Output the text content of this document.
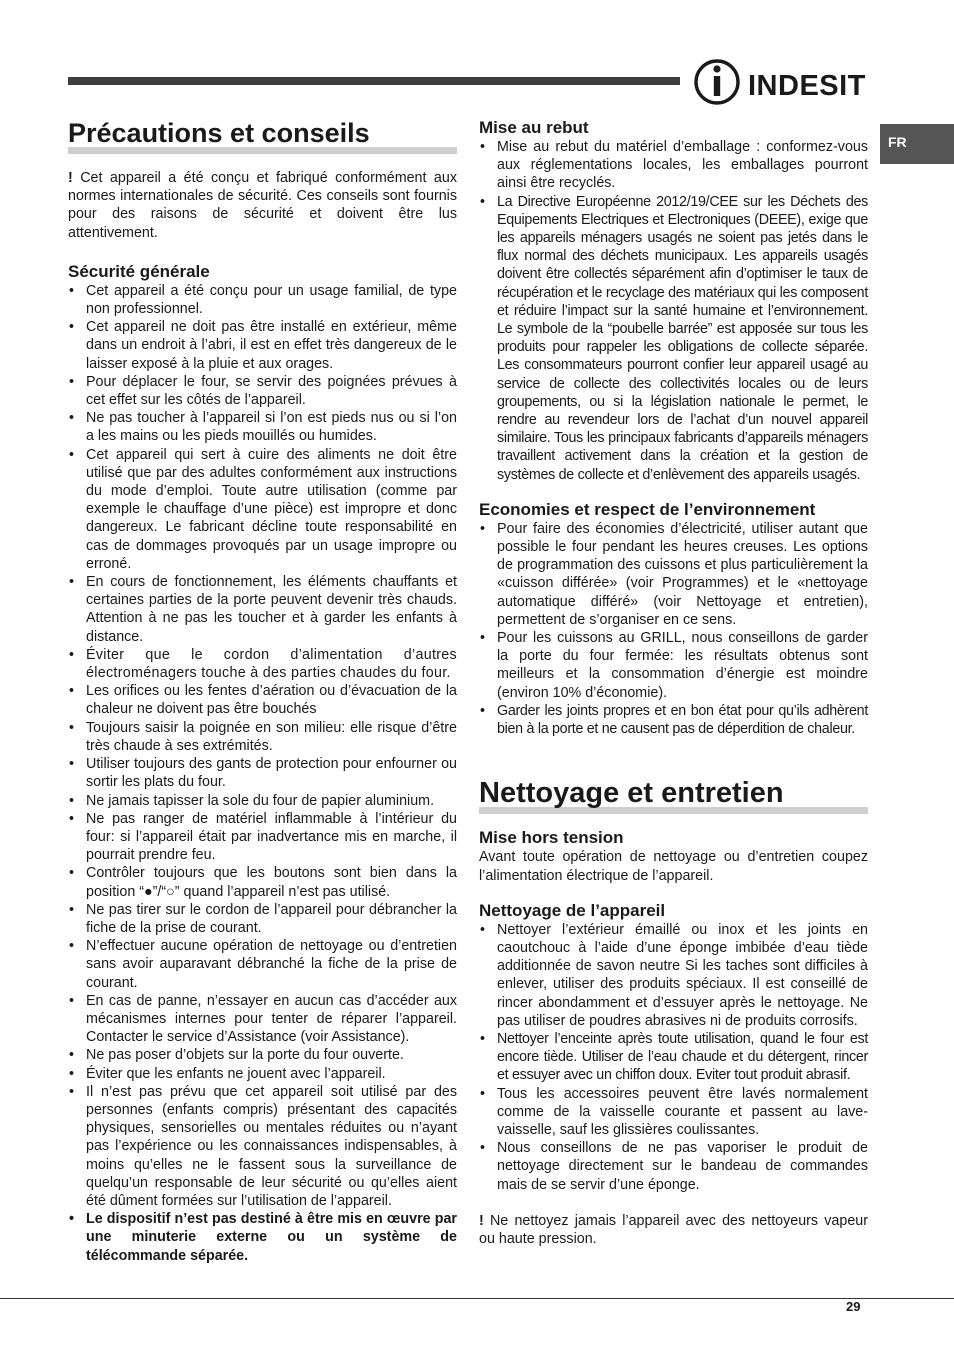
INDESIT
FR
Précautions et conseils

! Cet appareil a été conçu et fabriqué conformément aux normes internationales de sécurité. Ces conseils sont fournis pour des raisons de sécurité et doivent être lus attentivement.

Sécurité générale
• Cet appareil a été conçu pour un usage familial, de type non professionnel.
• Cet appareil ne doit pas être installé en extérieur, même dans un endroit à l’abri, il est en effet très dangereux de le laisser exposé à la pluie et aux orages.
• Pour déplacer le four, se servir des poignées prévues à cet effet sur les côtés de l’appareil.
• Ne pas toucher à l’appareil si l’on est pieds nus ou si l’on a les mains ou les pieds mouillés ou humides.
• Cet appareil qui sert à cuire des aliments ne doit être utilisé que par des adultes conformément aux instructions du mode d’emploi. Toute autre utilisation (comme par exemple le chauffage d’une pièce) est impropre et donc dangereux. Le fabricant décline toute responsabilité en cas de dommages provoqués par un usage impropre ou erroné.
• En cours de fonctionnement, les éléments chauffants et certaines parties de la porte peuvent devenir très chauds. Attention à ne pas les toucher et à garder les enfants à distance.
• Éviter que le cordon d’alimentation d’autres électroménagers touche à des parties chaudes du four.
• Les orifices ou les fentes d’aération ou d’évacuation de la chaleur ne doivent pas être bouchés
• Toujours saisir la poignée en son milieu: elle risque d’être très chaude à ses extrémités.
• Utiliser toujours des gants de protection pour enfourner ou sortir les plats du four.
• Ne jamais tapisser la sole du four de papier aluminium.
• Ne pas ranger de matériel inflammable à l’intérieur du four: si l’appareil était par inadvertance mis en marche, il pourrait prendre feu.
• Contrôler toujours que les boutons sont bien dans la position “●”/“○” quand l’appareil n’est pas utilisé.
• Ne pas tirer sur le cordon de l’appareil pour débrancher la fiche de la prise de courant.
• N’effectuer aucune opération de nettoyage ou d’entretien sans avoir auparavant débranché la fiche de la prise de courant.
• En cas de panne, n’essayer en aucun cas d’accéder aux mécanismes internes pour tenter de réparer l’appareil. Contacter le service d’Assistance (voir Assistance).
• Ne pas poser d’objets sur la porte du four ouverte.
• Éviter que les enfants ne jouent avec l’appareil.
• Il n’est pas prévu que cet appareil soit utilisé par des personnes (enfants compris) présentant des capacités physiques, sensorielles ou mentales réduites ou n’ayant pas l’expérience ou les connaissances indispensables, à moins qu’elles ne le fassent sous la surveillance de quelqu’un responsable de leur sécurité ou qu’elles aient été dûment formées sur l’utilisation de l’appareil.
• Le dispositif n’est pas destiné à être mis en œuvre par une minuterie externe ou un système de télécommande séparée.
Mise au rebut
• Mise au rebut du matériel d’emballage : conformez-vous aux réglementations locales, les emballages pourront ainsi être recyclés.
• La Directive Européenne 2012/19/CEE sur les Déchets des Equipements Electriques et Electroniques (DEEE), exige que les appareils ménagers usagés ne soient pas jetés dans le flux normal des déchets municipaux. Les appareils usagés doivent être collectés séparément afin d’optimiser le taux de récupération et le recyclage des matériaux qui les composent et réduire l’impact sur la santé humaine et l’environnement. Le symbole de la “poubelle barrée” est apposée sur tous les produits pour rappeler les obligations de collecte séparée. Les consommateurs pourront confier leur appareil usagé au service de collecte des collectivités locales ou de leurs groupements, ou si la législation nationale le permet, le rendre au revendeur lors de l’achat d’un nouvel appareil similaire. Tous les principaux fabricants d’appareils ménagers travaillent activement dans la création et la gestion de systèmes de collecte et d’enlèvement des appareils usagés.
Economies et respect de l’environnement
• Pour faire des économies d’électricité, utiliser autant que possible le four pendant les heures creuses. Les options de programmation des cuissons et plus particulièrement la «cuisson différée» (voir Programmes) et le «nettoyage automatique différé» (voir Nettoyage et entretien), permettent de s’organiser en ce sens.
• Pour les cuissons au GRILL, nous conseillons de garder la porte du four fermée: les résultats obtenus sont meilleurs et la consommation d’énergie est moindre (environ 10% d’économie).
• Garder les joints propres et en bon état pour qu’ils adhèrent bien à la porte et ne causent pas de déperdition de chaleur.
Nettoyage et entretien
Mise hors tension

Avant toute opération de nettoyage ou d’entretien coupez l’alimentation électrique de l’appareil.

Nettoyage de l’appareil
• Nettoyer l’extérieur émaillé ou inox et les joints en caoutchouc à l’aide d’une éponge imbibée d’eau tiède additionnée de savon neutre Si les taches sont difficiles à enlever, utiliser des produits spéciaux. Il est conseillé de rincer abondamment et d’essuyer après le nettoyage. Ne pas utiliser de poudres abrasives ni de produits corrosifs.
• Nettoyer l’enceinte après toute utilisation, quand le four est encore tiède. Utiliser de l’eau chaude et du détergent, rincer et essuyer avec un chiffon doux. Eviter tout produit abrasif.
• Tous les accessoires peuvent être lavés normalement comme de la vaisselle courante et passent au lave-vaisselle, sauf les glissières coulissantes.
• Nous conseillons de ne pas vaporiser le produit de nettoyage directement sur le bandeau de commandes mais de se servir d’une éponge.

! Ne nettoyez jamais l’appareil avec des nettoyeurs vapeur ou haute pression.

29
